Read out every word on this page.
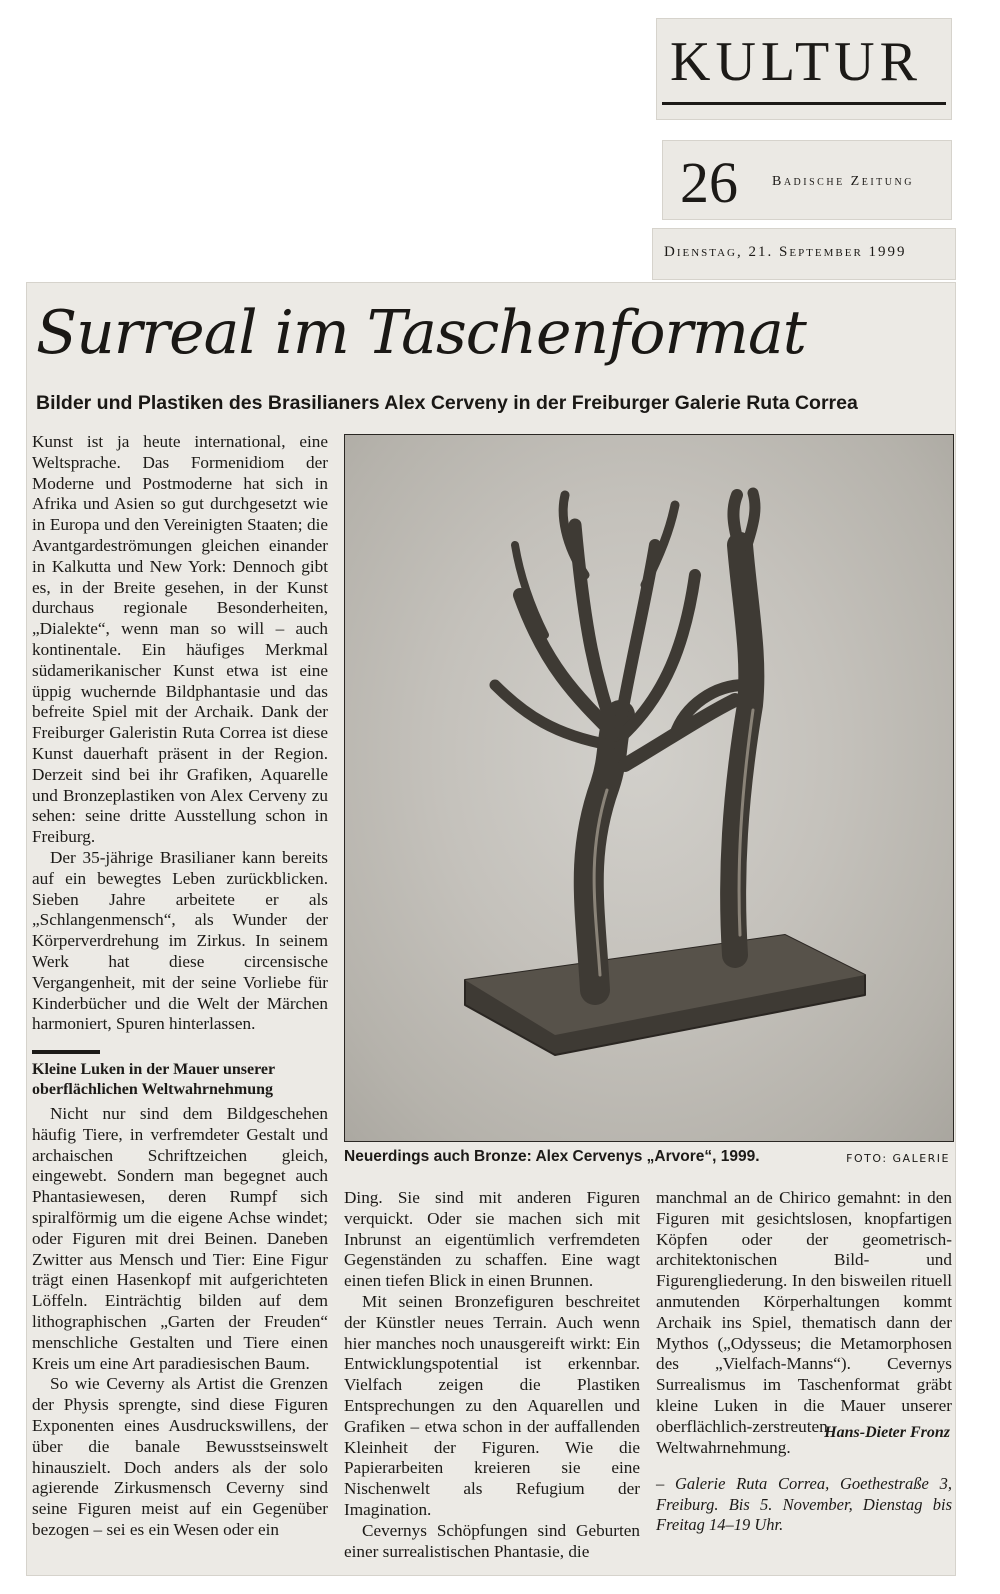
KULTUR
26 Badische Zeitung
Dienstag, 21. September 1999
Surreal im Taschenformat
Bilder und Plastiken des Brasilianers Alex Cerveny in der Freiburger Galerie Ruta Correa

Kunst ist ja heute international, eine Weltsprache. Das Formenidiom der Moderne und Postmoderne hat sich in Afrika und Asien so gut durchgesetzt wie in Europa und den Vereinigten Staaten; die Avantgardeströmungen gleichen einander in Kalkutta und New York: Dennoch gibt es, in der Breite gesehen, in der Kunst durchaus regionale Besonderheiten, „Dialekte“, wenn man so will – auch kontinentale. Ein häufiges Merkmal südamerikanischer Kunst etwa ist eine üppig wuchernde Bildphantasie und das befreite Spiel mit der Archaik. Dank der Freiburger Galeristin Ruta Correa ist diese Kunst dauerhaft präsent in der Region. Derzeit sind bei ihr Grafiken, Aquarelle und Bronzeplastiken von Alex Cerveny zu sehen: seine dritte Ausstellung schon in Freiburg.

Der 35-jährige Brasilianer kann bereits auf ein bewegtes Leben zurückblicken. Sieben Jahre arbeitete er als „Schlangenmensch“, als Wunder der Körperverdrehung im Zirkus. In seinem Werk hat diese circensische Vergangenheit, mit der seine Vorliebe für Kinderbücher und die Welt der Märchen harmoniert, Spuren hinterlassen.

Kleine Luken in der Mauer unserer oberflächlichen Weltwahrnehmung

Nicht nur sind dem Bildgeschehen häufig Tiere, in verfremdeter Gestalt und archaischen Schriftzeichen gleich, eingewebt. Sondern man begegnet auch Phantasiewesen, deren Rumpf sich spiralförmig um die eigene Achse windet; oder Figuren mit drei Beinen. Daneben Zwitter aus Mensch und Tier: Eine Figur trägt einen Hasenkopf mit aufgerichteten Löffeln. Einträchtig bilden auf dem lithographischen „Garten der Freuden“ menschliche Gestalten und Tiere einen Kreis um eine Art paradiesischen Baum.

So wie Ceverny als Artist die Grenzen der Physis sprengte, sind diese Figuren Exponenten eines Ausdruckswillens, der über die banale Bewusstseinswelt hinauszielt. Doch anders als der solo agierende Zirkusmensch Ceverny sind seine Figuren meist auf ein Gegenüber bezogen – sei es ein Wesen oder ein

Neuerdings auch Bronze: Alex Cervenys „Arvore“, 1999.	FOTO: GALERIE

Ding. Sie sind mit anderen Figuren verquickt. Oder sie machen sich mit Inbrunst an eigentümlich verfremdeten Gegenständen zu schaffen. Eine wagt einen tiefen Blick in einen Brunnen.

Mit seinen Bronzefiguren beschreitet der Künstler neues Terrain. Auch wenn hier manches noch unausgereift wirkt: Ein Entwicklungspotential ist erkennbar. Vielfach zeigen die Plastiken Entsprechungen zu den Aquarellen und Grafiken – etwa schon in der auffallenden Kleinheit der Figuren. Wie die Papierarbeiten kreieren sie eine Nischenwelt als Refugium der Imagination.

Cevernys Schöpfungen sind Geburten einer surrealistischen Phantasie, die

manchmal an de Chirico gemahnt: in den Figuren mit gesichtslosen, knopfartigen Köpfen oder der geometrisch-architektonischen Bild- und Figurengliederung. In den bisweilen rituell anmutenden Körperhaltungen kommt Archaik ins Spiel, thematisch dann der Mythos („Odysseus; die Metamorphosen des „Vielfach-Manns“). Cevernys Surrealismus im Taschenformat gräbt kleine Luken in die Mauer unserer oberflächlich-zerstreuten Weltwahrnehmung.

Hans-Dieter Fronz
– Galerie Ruta Correa, Goethestraße 3, Freiburg. Bis 5. November, Dienstag bis Freitag 14–19 Uhr.
